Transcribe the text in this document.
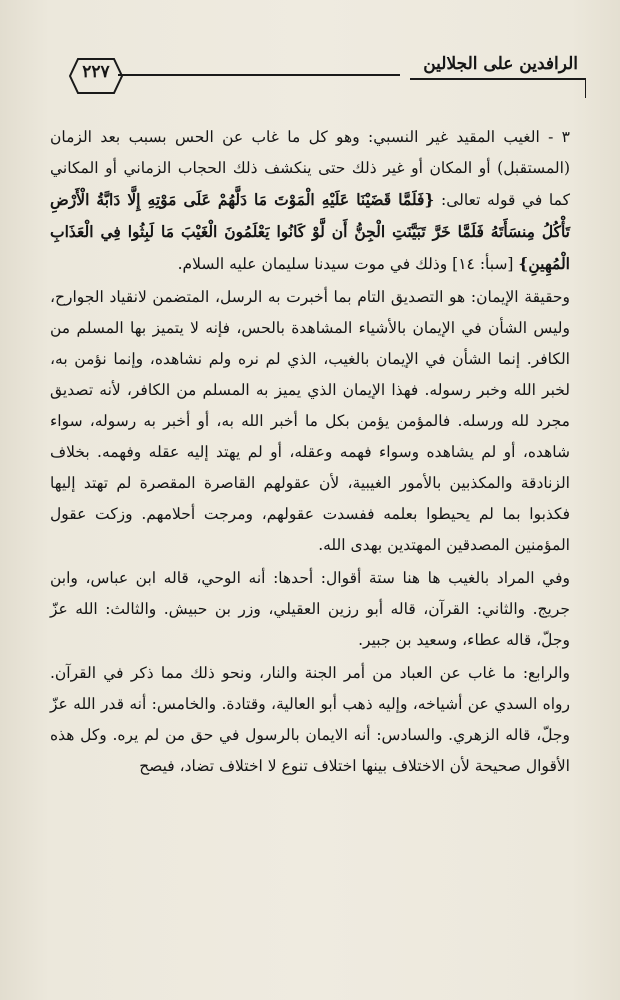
الرافدين على الجلالين
٢٢٧

٣ - الغيب المقيد غير النسبي: وهو كل ما غاب عن الحس بسبب بعد الزمان (المستقبل) أو المكان أو غير ذلك حتى ينكشف ذلك الحجاب الزماني أو المكاني كما في قوله تعالى: {فَلَمَّا قَضَيْنَا عَلَيْهِ الْمَوْتَ مَا دَلَّهُمْ عَلَى مَوْتِهِ إِلَّا دَابَّةُ الْأَرْضِ تَأْكُلُ مِنسَأَتَهُ فَلَمَّا خَرَّ تَبَيَّنَتِ الْجِنُّ أَن لَّوْ كَانُوا يَعْلَمُونَ الْغَيْبَ مَا لَبِثُوا فِي الْعَذَابِ الْمُهِينِ} [سبأ: ١٤] وذلك في موت سيدنا سليمان عليه السلام.

وحقيقة الإيمان: هو التصديق التام بما أخبرت به الرسل، المتضمن لانقياد الجوارح، وليس الشأن في الإيمان بالأشياء المشاهدة بالحس، فإنه لا يتميز بها المسلم من الكافر. إنما الشأن في الإيمان بالغيب، الذي لم نره ولم نشاهده، وإنما نؤمن به، لخبر الله وخبر رسوله. فهذا الإيمان الذي يميز به المسلم من الكافر، لأنه تصديق مجرد لله ورسله. فالمؤمن يؤمن بكل ما أخبر الله به، أو أخبر به رسوله، سواء شاهده، أو لم يشاهده وسواء فهمه وعقله، أو لم يهتد إليه عقله وفهمه. بخلاف الزنادقة والمكذبين بالأمور الغيبية، لأن عقولهم القاصرة المقصرة لم تهتد إليها فكذبوا بما لم يحيطوا بعلمه ففسدت عقولهم، ومرجت أحلامهم. وزكت عقول المؤمنين المصدقين المهتدين بهدى الله.

وفي المراد بالغيب ها هنا ستة أقوال: أحدها: أنه الوحي، قاله ابن عباس، وابن جريج. والثاني: القرآن، قاله أبو رزين العقيلي، وزر بن حبيش. والثالث: الله عزّ وجلّ، قاله عطاء، وسعيد بن جبير.

والرابع: ما غاب عن العباد من أمر الجنة والنار، ونحو ذلك مما ذكر في القرآن. رواه السدي عن أشياخه، وإليه ذهب أبو العالية، وقتادة. والخامس: أنه قدر الله عزّ وجلّ، قاله الزهري. والسادس: أنه الايمان بالرسول في حق من لم يره. وكل هذه الأقوال صحيحة لأن الاختلاف بينها اختلاف تنوع لا اختلاف تضاد، فيصح
